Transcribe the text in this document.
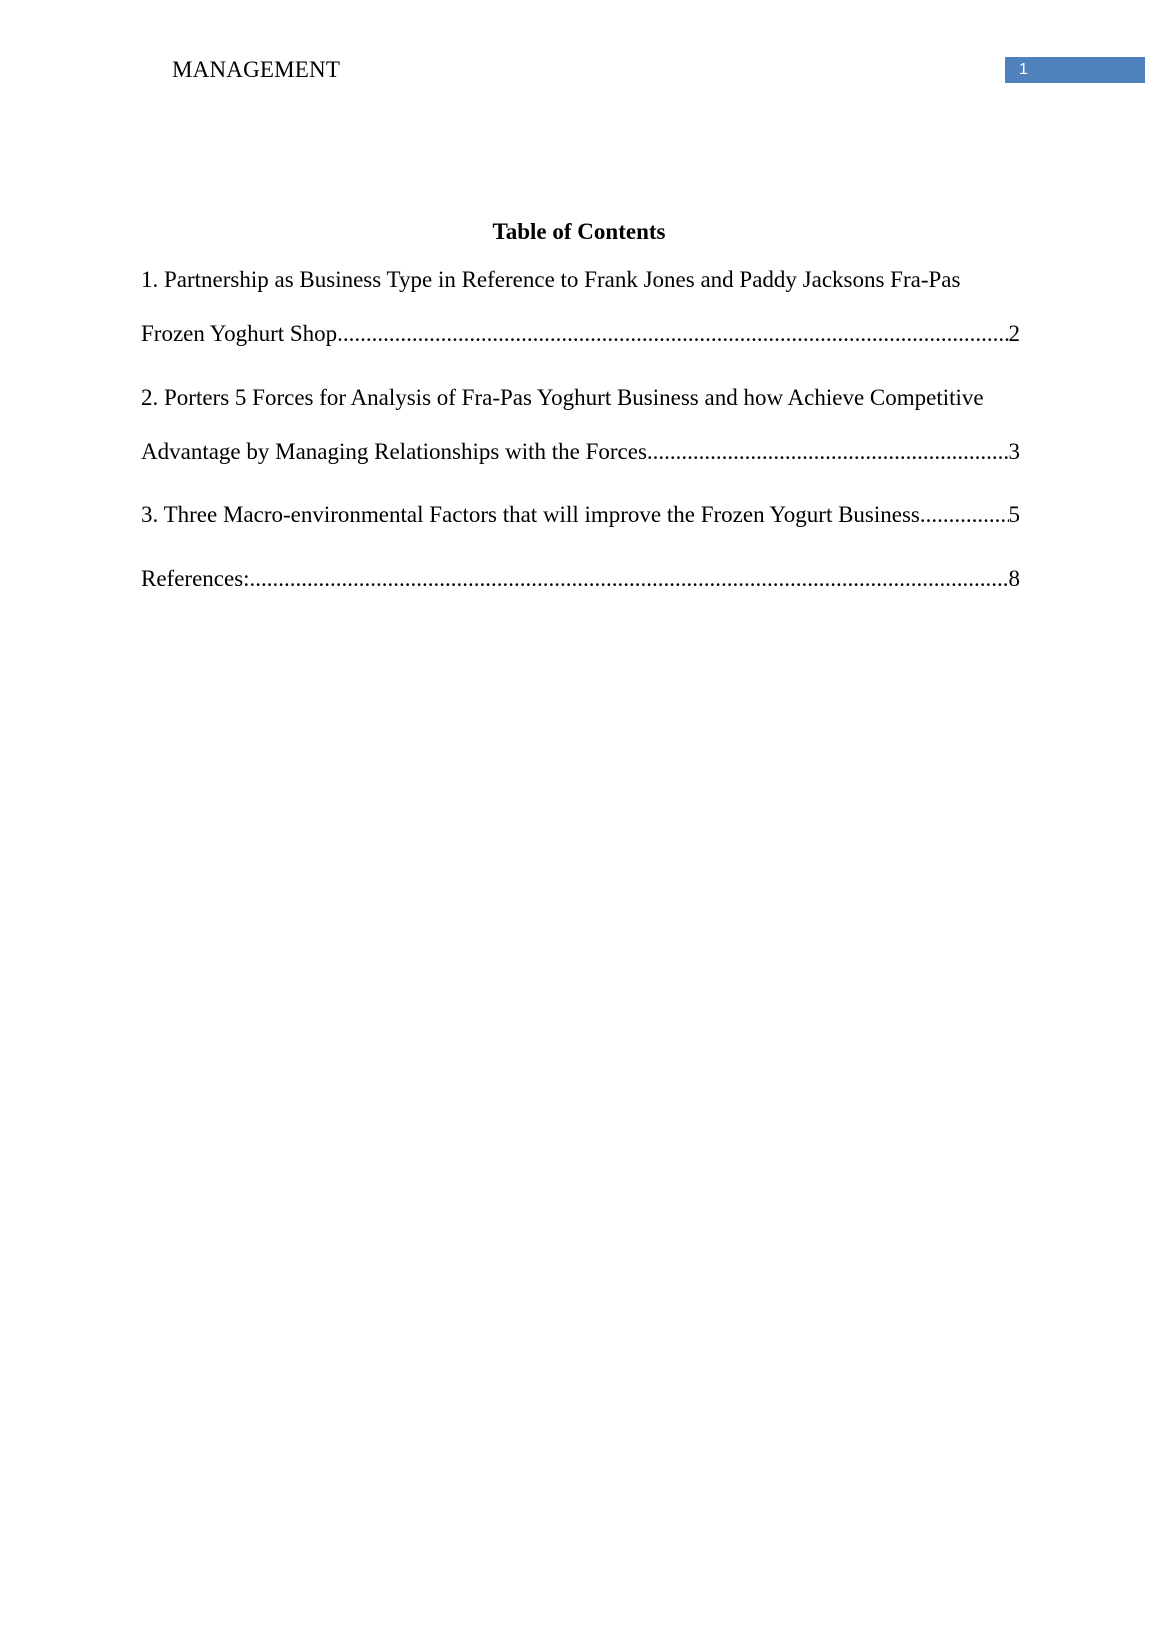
MANAGEMENT	1
Table of Contents
1. Partnership as Business Type in Reference to Frank Jones and Paddy Jacksons Fra-Pas
Frozen Yoghurt Shop .....	2
2. Porters 5 Forces for Analysis of Fra-Pas Yoghurt Business and how Achieve Competitive
Advantage by Managing Relationships with the Forces .....	3
3. Three Macro-environmental Factors that will improve the Frozen Yogurt Business .....	5
References: .....	8
